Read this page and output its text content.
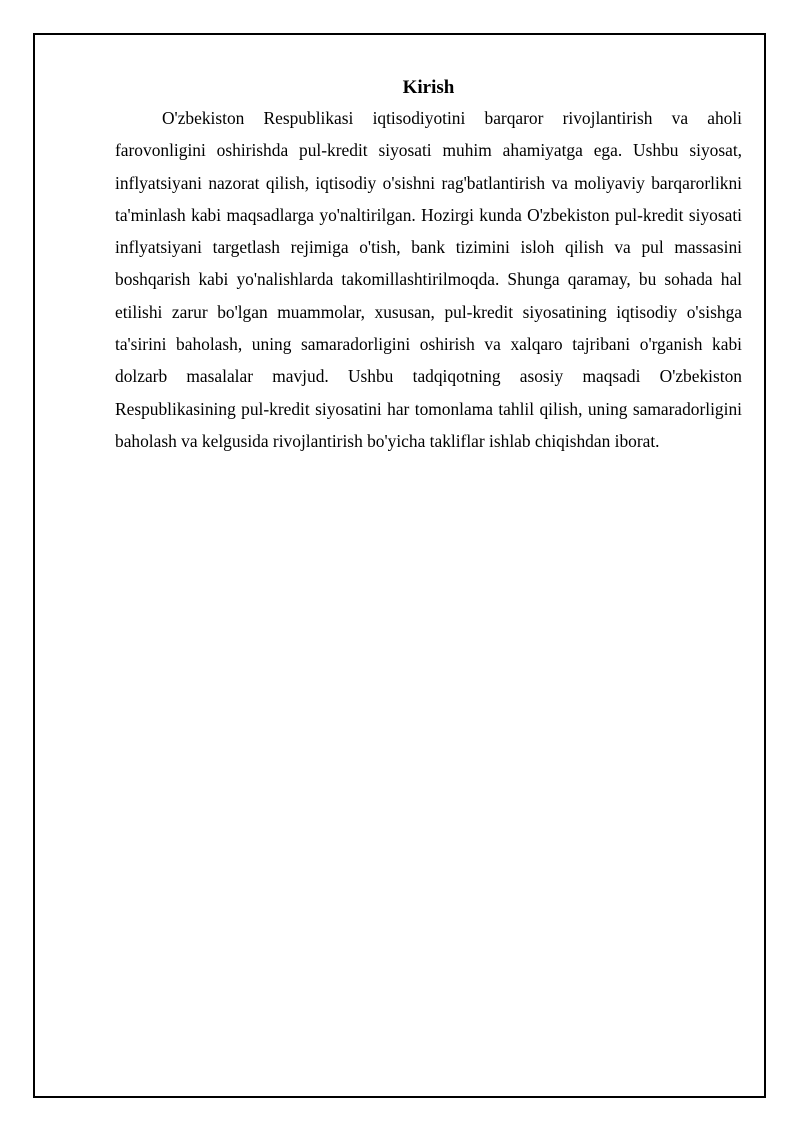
Kirish

O'zbekiston Respublikasi iqtisodiyotini barqaror rivojlantirish va aholi farovonligini oshirishda pul-kredit siyosati muhim ahamiyatga ega. Ushbu siyosat, inflyatsiyani nazorat qilish, iqtisodiy o'sishni rag'batlantirish va moliyaviy barqarorlikni ta'minlash kabi maqsadlarga yo'naltirilgan. Hozirgi kunda O'zbekiston pul-kredit siyosati inflyatsiyani targetlash rejimiga o'tish, bank tizimini isloh qilish va pul massasini boshqarish kabi yo'nalishlarda takomillashtirilmoqda. Shunga qaramay, bu sohada hal etilishi zarur bo'lgan muammolar, xususan, pul-kredit siyosatining iqtisodiy o'sishga ta'sirini baholash, uning samaradorligini oshirish va xalqaro tajribani o'rganish kabi dolzarb masalalar mavjud. Ushbu tadqiqotning asosiy maqsadi O'zbekiston Respublikasining pul-kredit siyosatini har tomonlama tahlil qilish, uning samaradorligini baholash va kelgusida rivojlantirish bo'yicha takliflar ishlab chiqishdan iborat.
